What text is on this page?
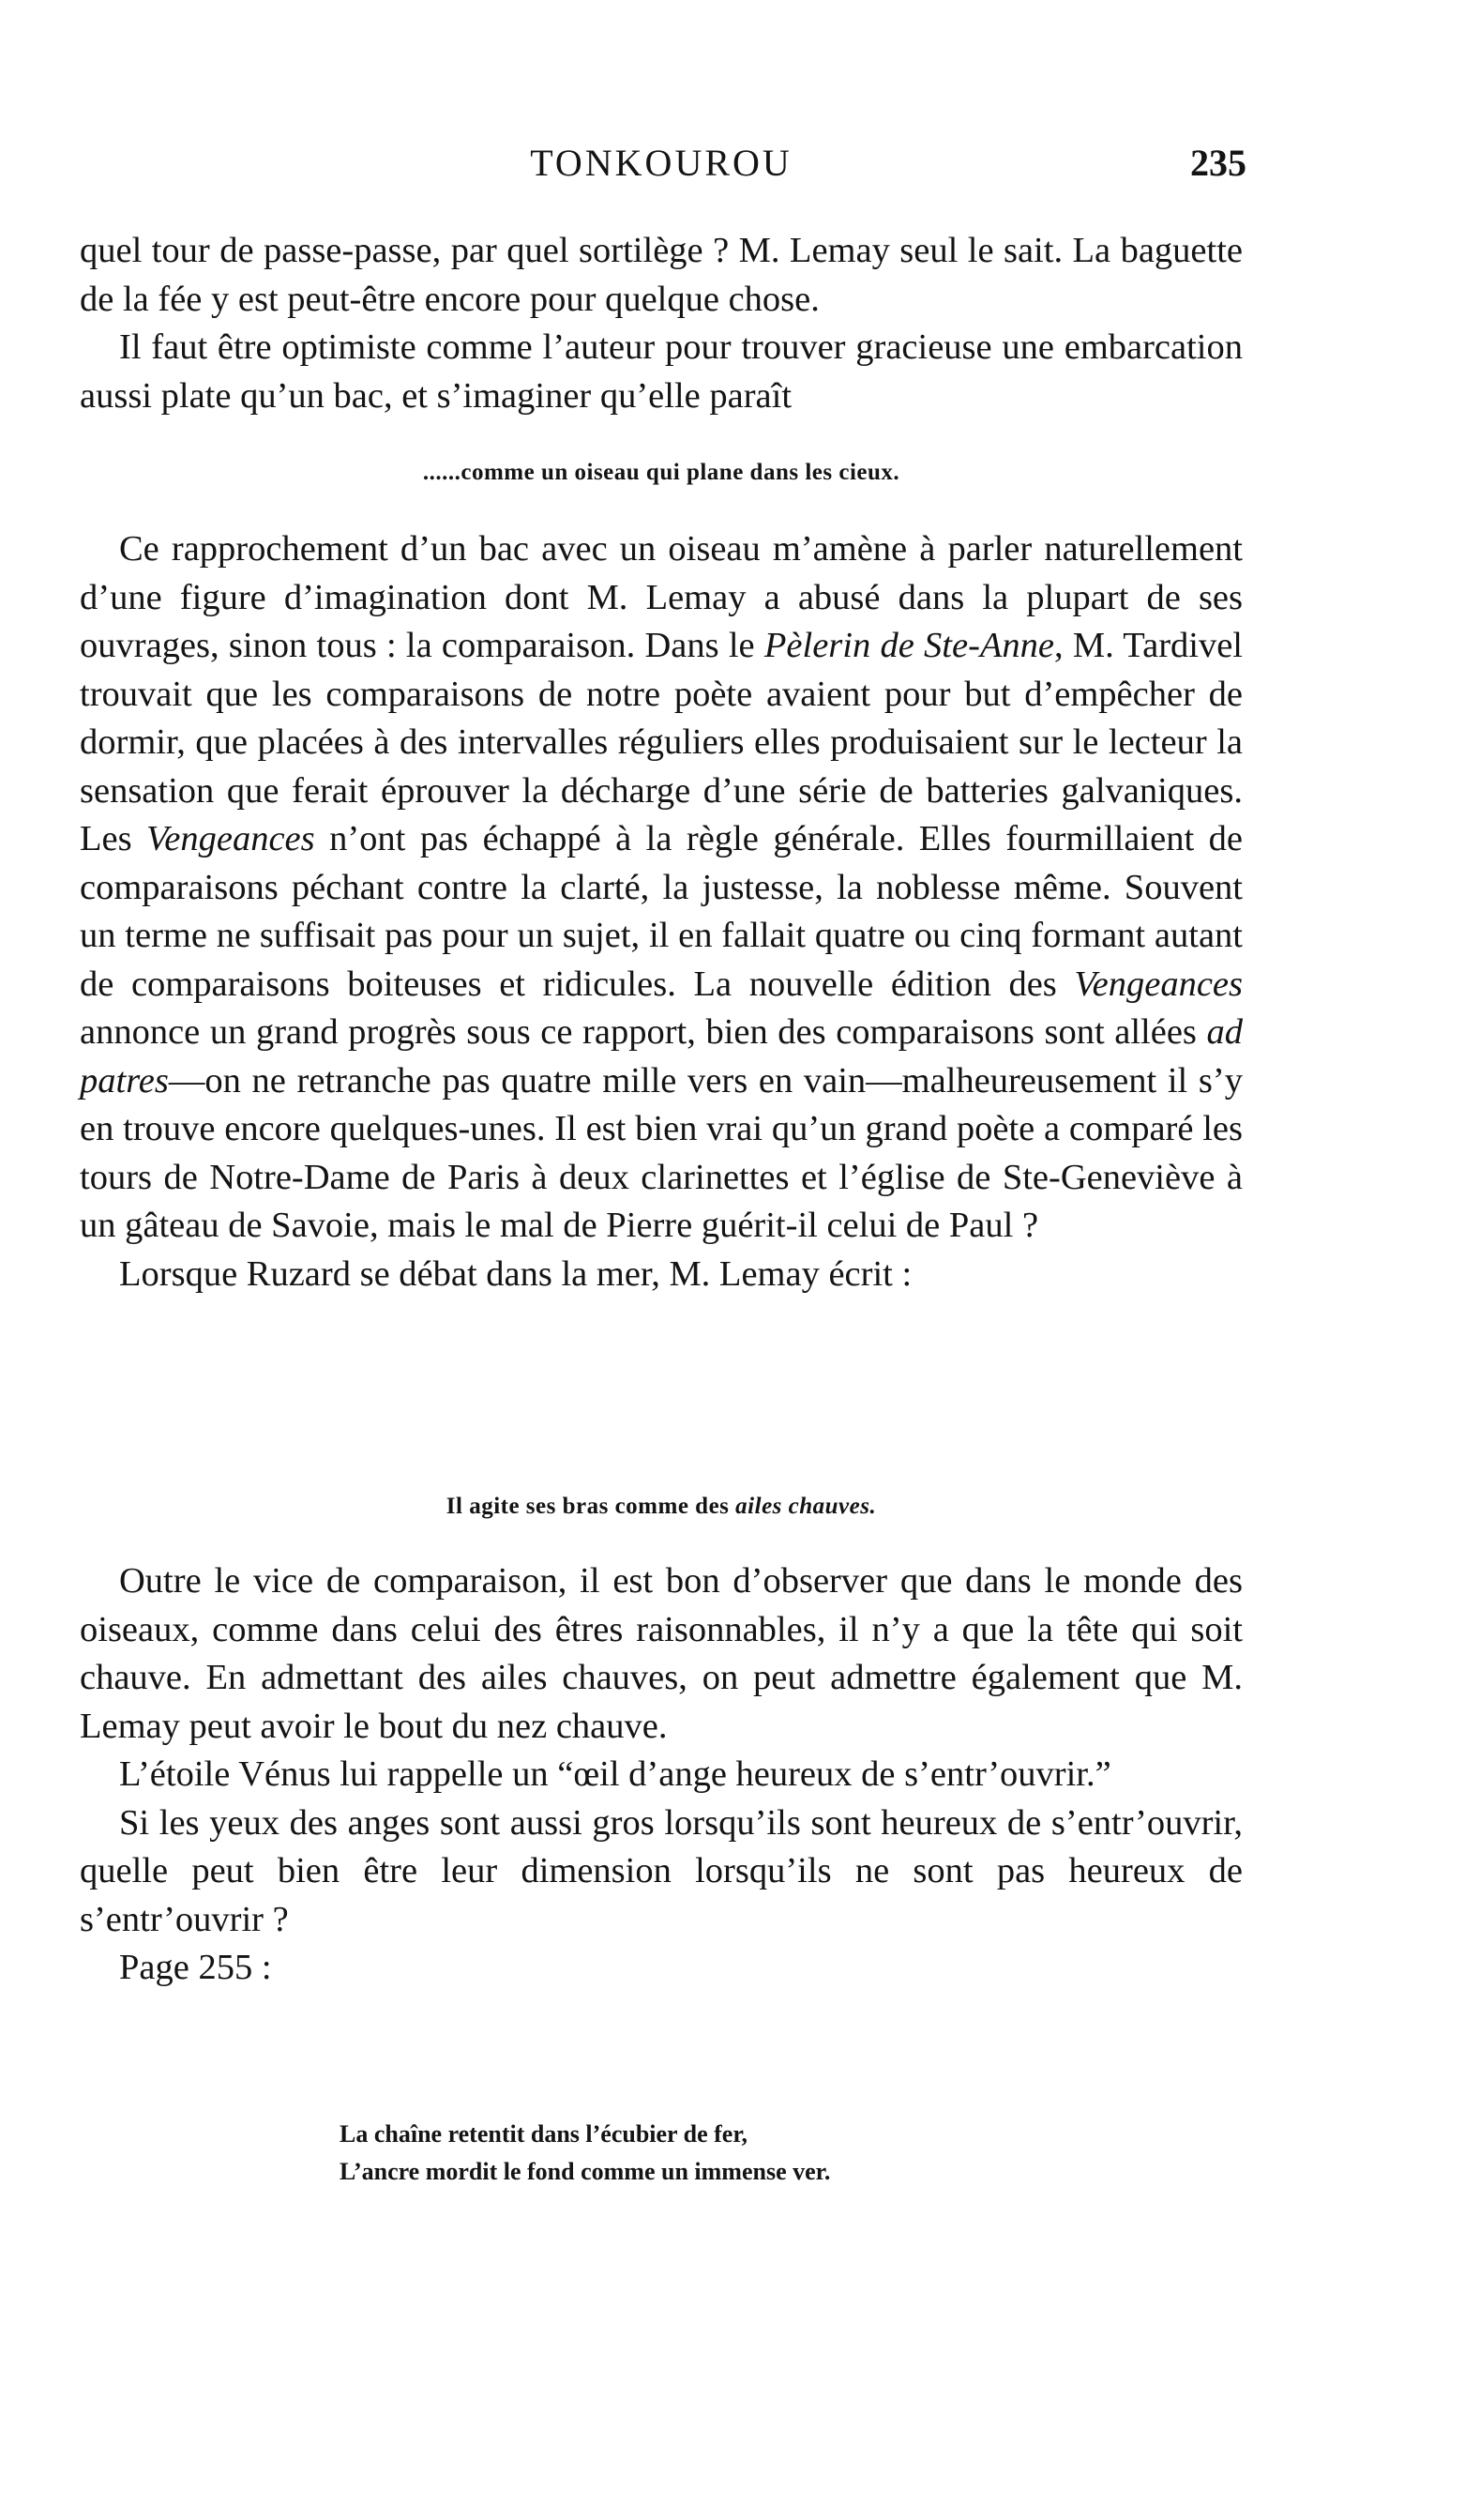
TONKOUROU	235

quel tour de passe-passe, par quel sortilège ? M. Lemay seul le sait. La baguette de la fée y est peut-être encore pour quelque chose.

Il faut être optimiste comme l’auteur pour trouver gracieuse une embarcation aussi plate qu’un bac, et s’imaginer qu’elle paraît

......comme un oiseau qui plane dans les cieux.

Ce rapprochement d’un bac avec un oiseau m’amène à parler naturellement d’une figure d’imagination dont M. Lemay a abusé dans la plupart de ses ouvrages, sinon tous : la comparaison. Dans le Pèlerin de Ste-Anne, M. Tardivel trouvait que les comparaisons de notre poète avaient pour but d’empêcher de dormir, que placées à des intervalles réguliers elles produisaient sur le lecteur la sensation que ferait éprouver la décharge d’une série de batteries galvaniques. Les Vengeances n’ont pas échappé à la règle générale. Elles fourmillaient de comparaisons péchant contre la clarté, la justesse, la noblesse même. Souvent un terme ne suffisait pas pour un sujet, il en fallait quatre ou cinq formant autant de comparaisons boiteuses et ridicules. La nouvelle édition des Vengeances annonce un grand progrès sous ce rapport, bien des comparaisons sont allées ad patres—on ne retranche pas quatre mille vers en vain—malheureusement il s’y en trouve encore quelques-unes. Il est bien vrai qu’un grand poète a comparé les tours de Notre-Dame de Paris à deux clarinettes et l’église de Ste-Geneviève à un gâteau de Savoie, mais le mal de Pierre guérit-il celui de Paul ?

Lorsque Ruzard se débat dans la mer, M. Lemay écrit :

Il agite ses bras comme des ailes chauves.

Outre le vice de comparaison, il est bon d’observer que dans le monde des oiseaux, comme dans celui des êtres raisonnables, il n’y a que la tête qui soit chauve. En admettant des ailes chauves, on peut admettre également que M. Lemay peut avoir le bout du nez chauve.

L’étoile Vénus lui rappelle un “œil d’ange heureux de s’entr’ouvrir.”

Si les yeux des anges sont aussi gros lorsqu’ils sont heureux de s’entr’ouvrir, quelle peut bien être leur dimension lorsqu’ils ne sont pas heureux de s’entr’ouvrir ?

Page 255 :

La chaîne retentit dans l’écubier de fer,
L’ancre mordit le fond comme un immense ver.
